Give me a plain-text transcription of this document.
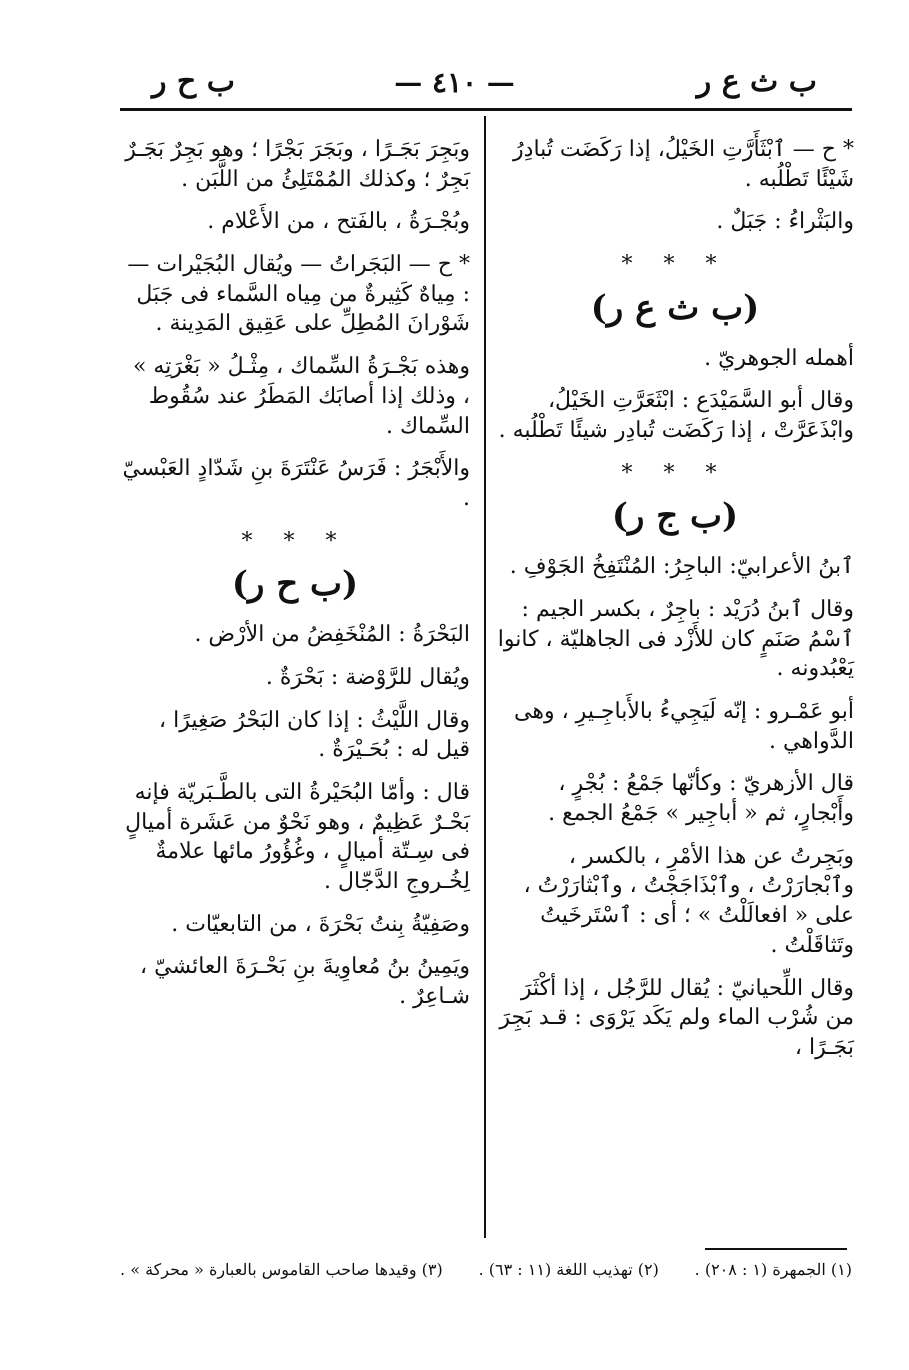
ب ث ع ر
— ٤١٠ —
ب ح ر
* ح — ٱبْثَأَرَّتِ الخَيْلُ، إذا رَكَضَت تُبادِرُ شَيْئًا تَطْلُبه .
والبَثْراءُ : جَبَلٌ .
* * *
(ب ث ع ر)
أهمله الجوهريّ .
وقال أبو السَّمَيْدَع : ابْثَعَرَّتِ الخَيْلُ، وابْذَعَرَّتْ ، إذا رَكَضَت تُبادِر شيئًا تَطْلُبه .
* * *
(ب ج ر)
ٱبنُ الأعرابيّ: الباجِرُ: المُنْتَفِخُ الجَوْفِ .
وقال ٱبنُ دُرَيْد : باجِرٌ ، بكسر الجيم : ٱسْمُ صَنَمٍ كان للأَزْد فى الجاهليّة ، كانوا يَعْبُدونه .
أبو عَمْـرو : إنّه لَيَجِيءُ بالأَباجِـيرِ ، وهى الدَّواهي .
قال الأزهريّ : وكأنّها جَمْعُ : بُجْرٍ ، وأَبْجارٍ، ثم « أباجِير » جَمْعُ الجمع .
وبَجِرتُ عن هذا الأمْرِ ، بالكسر ، وٱبْجارَرْتُ ، وٱبْذَاجَجْتُ ، وٱبْثارَرْتُ ، على « افعالَلْتُ » ؛ أى : ٱسْتَرخَيتُ وتَثاقَلْتُ .
وقال اللِّحيانيّ : يُقال للرَّجُل ، إذا أكْثَرَ من شُرْب الماء ولم يَكَد يَرْوَى : قـد بَجِرَ بَجَـرًا ،
وبَجِرَ بَجَـرًا ، وبَجَرَ بَجْرًا ؛ وهو بَجِرٌ بَجَـرٌ بَجِرٌ ؛ وكذلك المُمْتَلِئُ من اللَّبَن .
وبُجْـرَةُ ، بالفَتح ، من الأَعْلام .
* ح — البَجَراتُ — ويُقال البُجَيْرات — : مِياهٌ كَثِيرةٌ من مِياه السَّماء فى جَبَل شَوْرانَ المُطِلِّ على عَقِيق المَدِينة .
وهذه بَجْـرَةُ السِّماك ، مِثْـلُ « بَغْرَتِه » ، وذلك إذا أصابَك المَطَرُ عند سُقُوط السِّماك .
والأَبْجَرُ : فَرَسُ عَنْتَرَةَ بنِ شَدّادٍ العَبْسيّ .
* * *
(ب ح ر)
البَحْرَةُ : المُنْخَفِضُ من الأرْض .
ويُقال للرَّوْضة : بَحْرَةٌ .
وقال اللَّيْثُ : إذا كان البَحْرُ صَغِيرًا ، قيل له : بُحَـيْرَةٌ .
قال : وأمّا البُحَيْرةُ التى بالطَّـبَريّة فإنه بَحْـرٌ عَظِيمٌ ، وهو نَحْوٌ من عَشَرة أميالٍ فى سِـتّة أميالٍ ، وغُؤُورُ مائها علامةٌ لِخُـروجِ الدَّجّال .
وصَفِيّةُ بِنتُ بَحْرَةَ ، من التابعيّات .
ويَمِينُ بنُ مُعاوِيةَ بنِ بَحْـرَةَ العائشيّ ، شـاعِرٌ .
(١) الجمهرة (١ : ٢٠٨) .
(٢) تهذيب اللغة (١١ : ٦٣) .
(٣) وقيدها صاحب القاموس بالعبارة « محركة » .
